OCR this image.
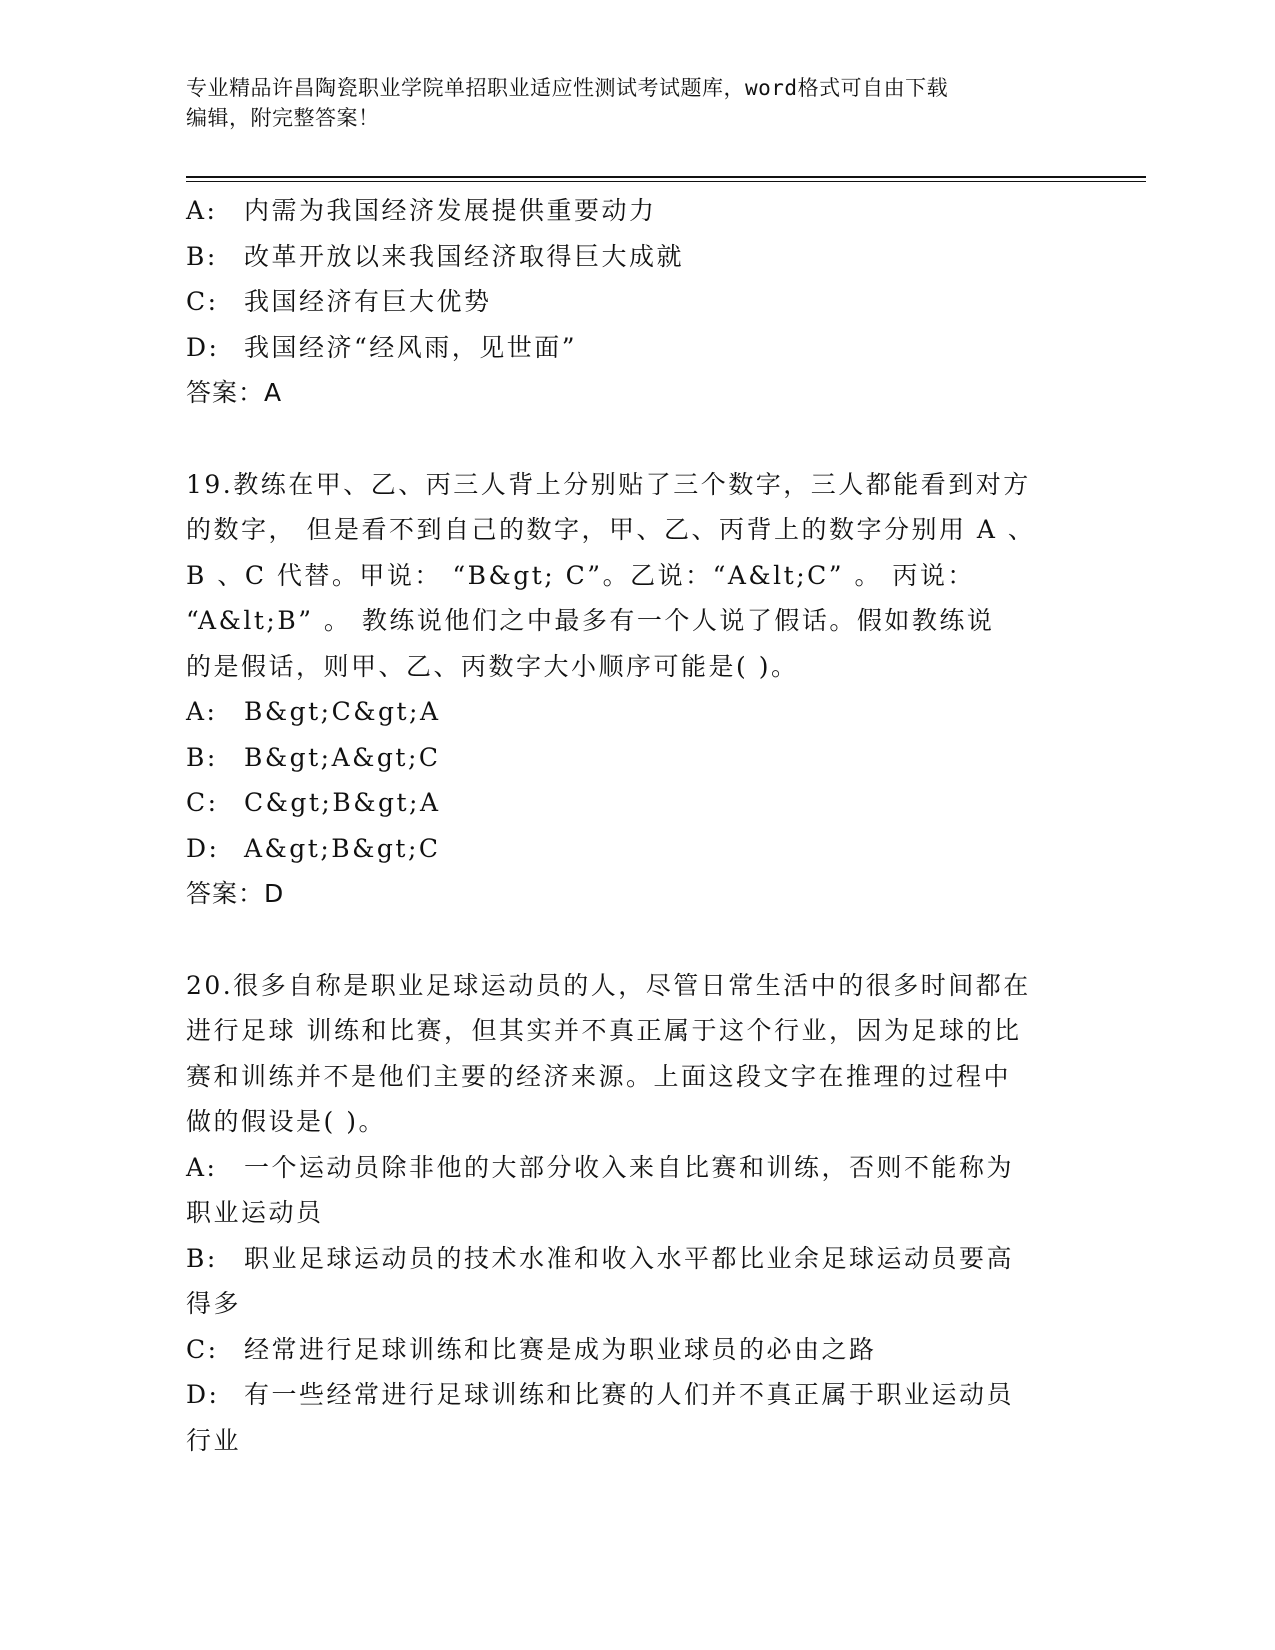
专业精品许昌陶瓷职业学院单招职业适应性测试考试题库，word格式可自由下载
编辑，附完整答案！
A:	内需为我国经济发展提供重要动力
B:	改革开放以来我国经济取得巨大成就
C:	我国经济有巨大优势
D: 我国经济“经风雨，见世面”
答案：A
19.教练在甲、乙、丙三人背上分别贴了三个数字，三人都能看到对方
的数字， 但是看不到自己的数字，甲、乙、丙背上的数字分别用 A 、
B 、C 代替。甲说： “B&gt; C”。乙说：“A&lt;C” 。 丙说：
“A&lt;B” 。 教练说他们之中最多有一个人说了假话。假如教练说
的是假话，则甲、乙、丙数字大小顺序可能是( )。
A:	B&gt;C&gt;A
B:	B&gt;A&gt;C
C:	C&gt;B&gt;A
D: A&gt;B&gt;C
答案：D
20.很多自称是职业足球运动员的人，尽管日常生活中的很多时间都在
进行足球 训练和比赛，但其实并不真正属于这个行业，因为足球的比
赛和训练并不是他们主要的经济来源。上面这段文字在推理的过程中
做的假设是( )。
A:	一个运动员除非他的大部分收入来自比赛和训练，否则不能称为
职业运动员
B:	职业足球运动员的技术水准和收入水平都比业余足球运动员要高
得多
C:	经常进行足球训练和比赛是成为职业球员的必由之路
D: 有一些经常进行足球训练和比赛的人们并不真正属于职业运动员
行业
